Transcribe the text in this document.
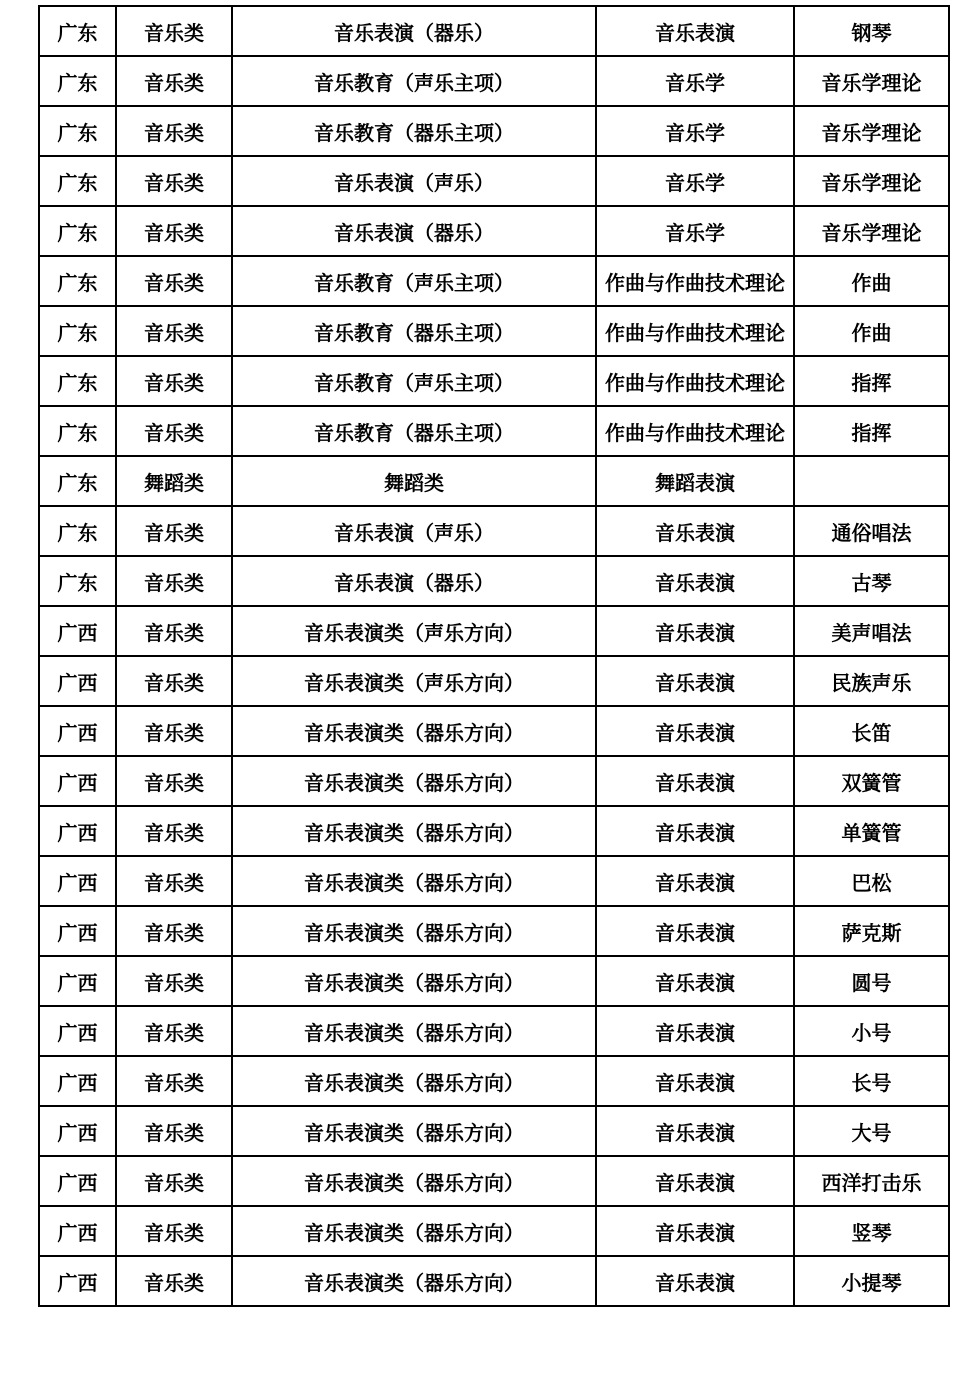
广东	音乐类	音乐表演（器乐）	音乐表演	钢琴
广东	音乐类	音乐教育（声乐主项）	音乐学	音乐学理论
广东	音乐类	音乐教育（器乐主项）	音乐学	音乐学理论
广东	音乐类	音乐表演（声乐）	音乐学	音乐学理论
广东	音乐类	音乐表演（器乐）	音乐学	音乐学理论
广东	音乐类	音乐教育（声乐主项）	作曲与作曲技术理论	作曲
广东	音乐类	音乐教育（器乐主项）	作曲与作曲技术理论	作曲
广东	音乐类	音乐教育（声乐主项）	作曲与作曲技术理论	指挥
广东	音乐类	音乐教育（器乐主项）	作曲与作曲技术理论	指挥
广东	舞蹈类	舞蹈类	舞蹈表演	
广东	音乐类	音乐表演（声乐）	音乐表演	通俗唱法
广东	音乐类	音乐表演（器乐）	音乐表演	古琴
广西	音乐类	音乐表演类（声乐方向）	音乐表演	美声唱法
广西	音乐类	音乐表演类（声乐方向）	音乐表演	民族声乐
广西	音乐类	音乐表演类（器乐方向）	音乐表演	长笛
广西	音乐类	音乐表演类（器乐方向）	音乐表演	双簧管
广西	音乐类	音乐表演类（器乐方向）	音乐表演	单簧管
广西	音乐类	音乐表演类（器乐方向）	音乐表演	巴松
广西	音乐类	音乐表演类（器乐方向）	音乐表演	萨克斯
广西	音乐类	音乐表演类（器乐方向）	音乐表演	圆号
广西	音乐类	音乐表演类（器乐方向）	音乐表演	小号
广西	音乐类	音乐表演类（器乐方向）	音乐表演	长号
广西	音乐类	音乐表演类（器乐方向）	音乐表演	大号
广西	音乐类	音乐表演类（器乐方向）	音乐表演	西洋打击乐
广西	音乐类	音乐表演类（器乐方向）	音乐表演	竖琴
广西	音乐类	音乐表演类（器乐方向）	音乐表演	小提琴
